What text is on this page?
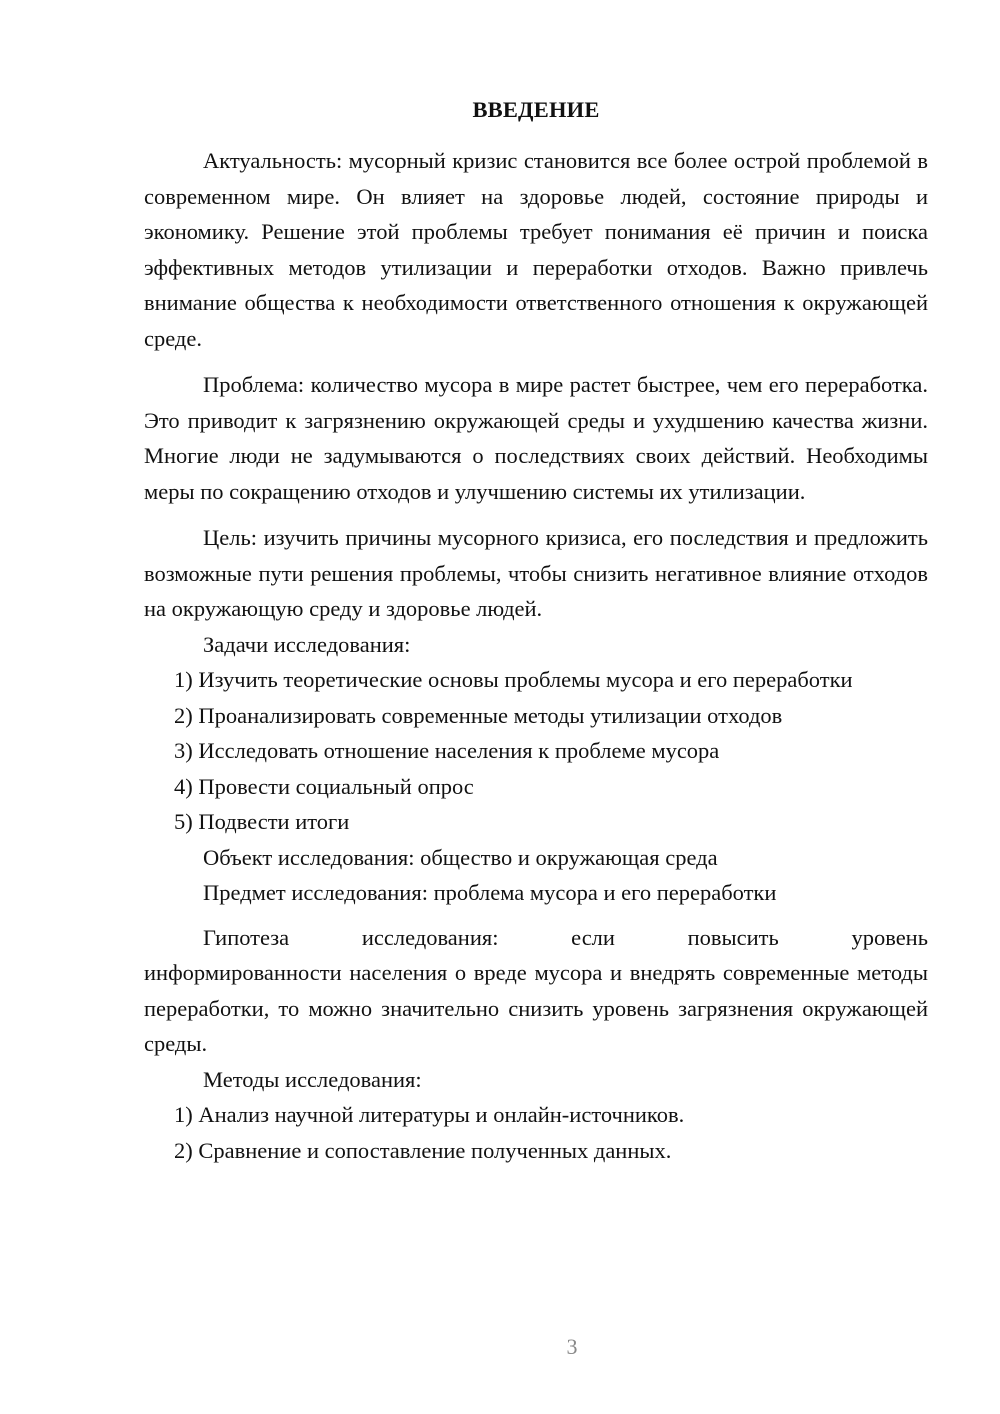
ВВЕДЕНИЕ

Актуальность: мусорный кризис становится все более острой проблемой в современном мире. Он влияет на здоровье людей, состояние природы и экономику. Решение этой проблемы требует понимания её причин и поиска эффективных методов утилизации и переработки отходов. Важно привлечь внимание общества к необходимости ответственного отношения к окружающей среде.

Проблема: количество мусора в мире растет быстрее, чем его переработка. Это приводит к загрязнению окружающей среды и ухудшению качества жизни. Многие люди не задумываются о последствиях своих действий. Необходимы меры по сокращению отходов и улучшению системы их утилизации.

Цель: изучить причины мусорного кризиса, его последствия и предложить возможные пути решения проблемы, чтобы снизить негативное влияние отходов на окружающую среду и здоровье людей.

Задачи исследования:

1) Изучить теоретические основы проблемы мусора и его переработки

2) Проанализировать современные методы утилизации отходов

3) Исследовать отношение населения к проблеме мусора

4) Провести социальный опрос

5) Подвести итоги

Объект исследования: общество и окружающая среда

Предмет исследования: проблема мусора и его переработки

Гипотеза	исследования:	если	повысить	уровень

информированности населения о вреде мусора и внедрять современные методы переработки, то можно значительно снизить уровень загрязнения окружающей среды.

Методы исследования:

1) Анализ научной литературы и онлайн-источников.

2) Сравнение и сопоставление полученных данных.

3
